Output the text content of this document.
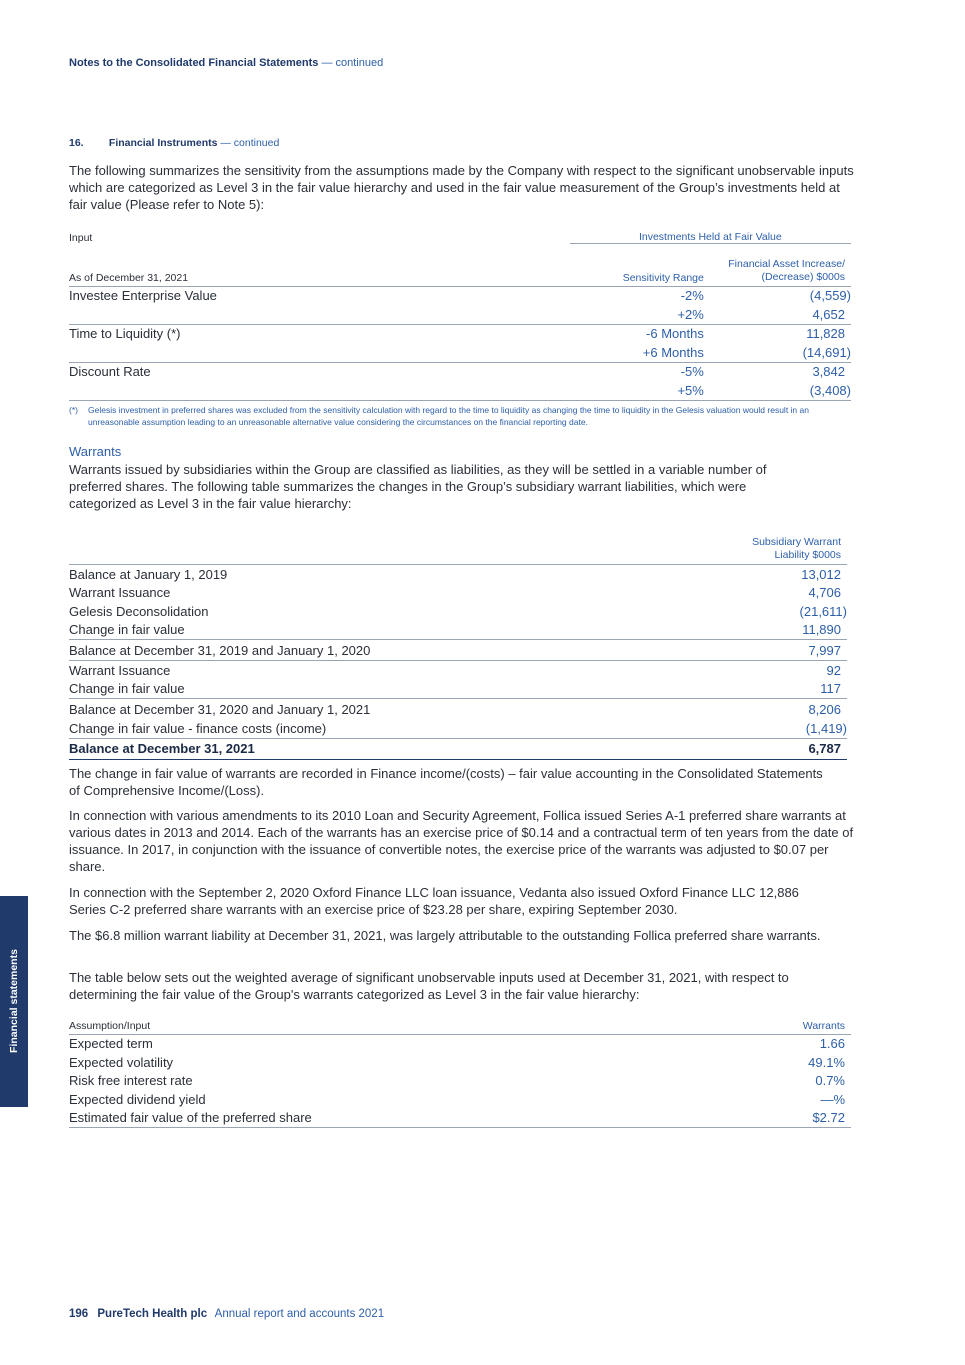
Notes to the Consolidated Financial Statements — continued
16. Financial Instruments — continued

The following summarizes the sensitivity from the assumptions made by the Company with respect to the significant unobservable inputs which are categorized as Level 3 in the fair value hierarchy and used in the fair value measurement of the Group’s investments held at fair value (Please refer to Note 5):

Input	Investments Held at Fair Value	
As of December 31, 2021	Sensitivity Range	Financial Asset Increase/ (Decrease) $000s
Investee Enterprise Value	-2%	(4,559)
	+2%	4,652
Time to Liquidity (*)	-6 Months	11,828
	+6 Months	(14,691)
Discount Rate	-5%	3,842
	+5%	(3,408)
(*) Gelesis investment in preferred shares was excluded from the sensitivity calculation with regard to the time to liquidity as changing the time to liquidity in the Gelesis valuation would result in an unreasonable assumption leading to an unreasonable alternative value considering the circumstances on the financial reporting date.
Warrants

Warrants issued by subsidiaries within the Group are classified as liabilities, as they will be settled in a variable number of preferred shares. The following table summarizes the changes in the Group’s subsidiary warrant liabilities, which were categorized as Level 3 in the fair value hierarchy:

	Subsidiary Warrant Liability $000s
Balance at January 1, 2019	13,012
Warrant Issuance	4,706
Gelesis Deconsolidation	(21,611)
Change in fair value	11,890
Balance at December 31, 2019 and January 1, 2020	7,997
Warrant Issuance	92
Change in fair value	117
Balance at December 31, 2020 and January 1, 2021	8,206
Change in fair value - finance costs (income)	(1,419)
Balance at December 31, 2021	6,787

The change in fair value of warrants are recorded in Finance income/(costs) – fair value accounting in the Consolidated Statements of Comprehensive Income/(Loss).

In connection with various amendments to its 2010 Loan and Security Agreement, Follica issued Series A-1 preferred share warrants at various dates in 2013 and 2014. Each of the warrants has an exercise price of $0.14 and a contractual term of ten years from the date of issuance. In 2017, in conjunction with the issuance of convertible notes, the exercise price of the warrants was adjusted to $0.07 per share.

In connection with the September 2, 2020 Oxford Finance LLC loan issuance, Vedanta also issued Oxford Finance LLC 12,886 Series C-2 preferred share warrants with an exercise price of $23.28 per share, expiring September 2030.

The $6.8 million warrant liability at December 31, 2021, was largely attributable to the outstanding Follica preferred share warrants.

The table below sets out the weighted average of significant unobservable inputs used at December 31, 2021, with respect to determining the fair value of the Group's warrants categorized as Level 3 in the fair value hierarchy:

Assumption/Input	Warrants
Expected term	1.66
Expected volatility	49.1%
Risk free interest rate	0.7%
Expected dividend yield	—%
Estimated fair value of the preferred share	$2.72
Financial statements
196 PureTech Health plc Annual report and accounts 2021
